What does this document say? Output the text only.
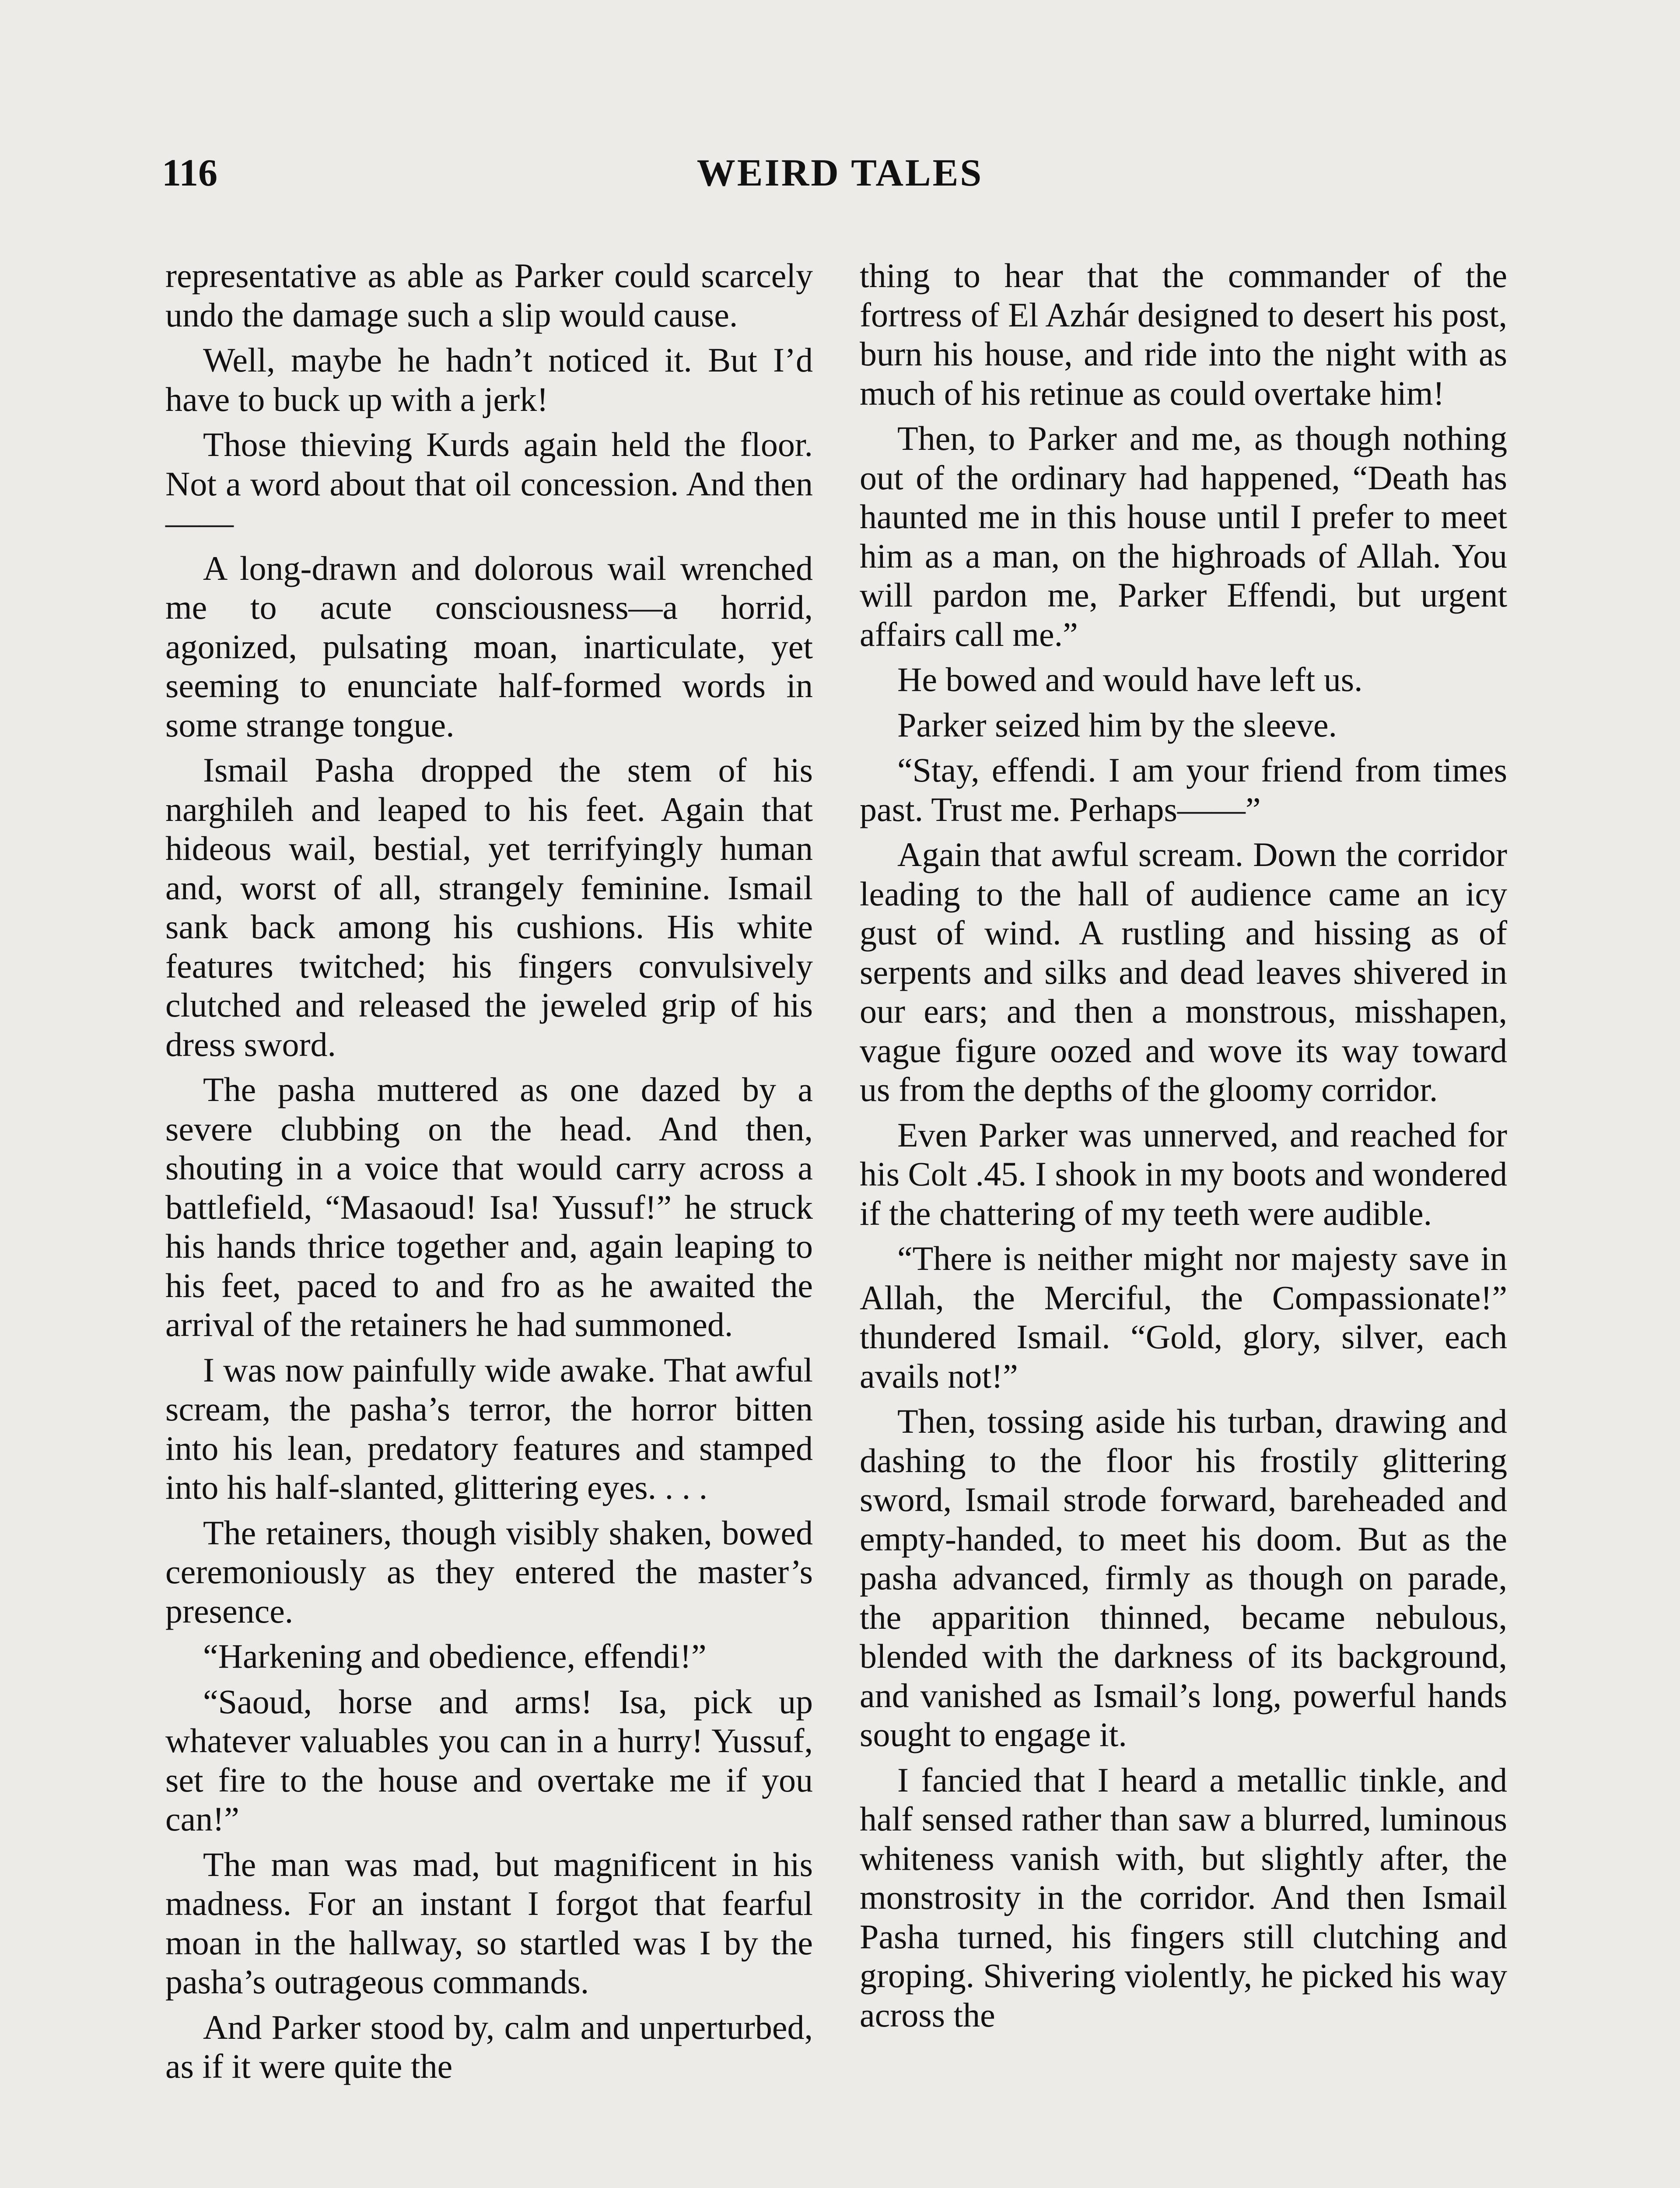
WEIRD TALES
116

representative as able as Parker could scarcely undo the damage such a slip would cause.

Well, maybe he hadn’t noticed it. But I’d have to buck up with a jerk!

Those thieving Kurds again held the floor. Not a word about that oil concession. And then——

A long-drawn and dolorous wail wrenched me to acute consciousness—a horrid, agonized, pulsating moan, inarticulate, yet seeming to enunciate half-formed words in some strange tongue.

Ismail Pasha dropped the stem of his narghileh and leaped to his feet. Again that hideous wail, bestial, yet terrifyingly human and, worst of all, strangely feminine. Ismail sank back among his cushions. His white features twitched; his fingers convulsively clutched and released the jeweled grip of his dress sword.

The pasha muttered as one dazed by a severe clubbing on the head. And then, shouting in a voice that would carry across a battlefield, “Masaoud! Isa! Yussuf!” he struck his hands thrice together and, again leaping to his feet, paced to and fro as he awaited the arrival of the retainers he had summoned.

I was now painfully wide awake. That awful scream, the pasha’s terror, the horror bitten into his lean, predatory features and stamped into his half-slanted, glittering eyes. . . .

The retainers, though visibly shaken, bowed ceremoniously as they entered the master’s presence.

“Harkening and obedience, effendi!”

“Saoud, horse and arms! Isa, pick up whatever valuables you can in a hurry! Yussuf, set fire to the house and overtake me if you can!”

The man was mad, but magnificent in his madness. For an instant I forgot that fearful moan in the hallway, so startled was I by the pasha’s outrageous commands.

And Parker stood by, calm and unperturbed, as if it were quite the

thing to hear that the commander of the fortress of El Azhár designed to desert his post, burn his house, and ride into the night with as much of his retinue as could overtake him!

Then, to Parker and me, as though nothing out of the ordinary had happened, “Death has haunted me in this house until I prefer to meet him as a man, on the highroads of Allah. You will pardon me, Parker Effendi, but urgent affairs call me.”

He bowed and would have left us.

Parker seized him by the sleeve.

“Stay, effendi. I am your friend from times past. Trust me. Perhaps——”

Again that awful scream. Down the corridor leading to the hall of audience came an icy gust of wind. A rustling and hissing as of serpents and silks and dead leaves shivered in our ears; and then a monstrous, misshapen, vague figure oozed and wove its way toward us from the depths of the gloomy corridor.

Even Parker was unnerved, and reached for his Colt .45. I shook in my boots and wondered if the chattering of my teeth were audible.

“There is neither might nor majesty save in Allah, the Merciful, the Compassionate!” thundered Ismail. “Gold, glory, silver, each avails not!”

Then, tossing aside his turban, drawing and dashing to the floor his frostily glittering sword, Ismail strode forward, bareheaded and empty-handed, to meet his doom. But as the pasha advanced, firmly as though on parade, the apparition thinned, became nebulous, blended with the darkness of its background, and vanished as Ismail’s long, powerful hands sought to engage it.

I fancied that I heard a metallic tinkle, and half sensed rather than saw a blurred, luminous whiteness vanish with, but slightly after, the monstrosity in the corridor. And then Ismail Pasha turned, his fingers still clutching and groping. Shivering violently, he picked his way across the
